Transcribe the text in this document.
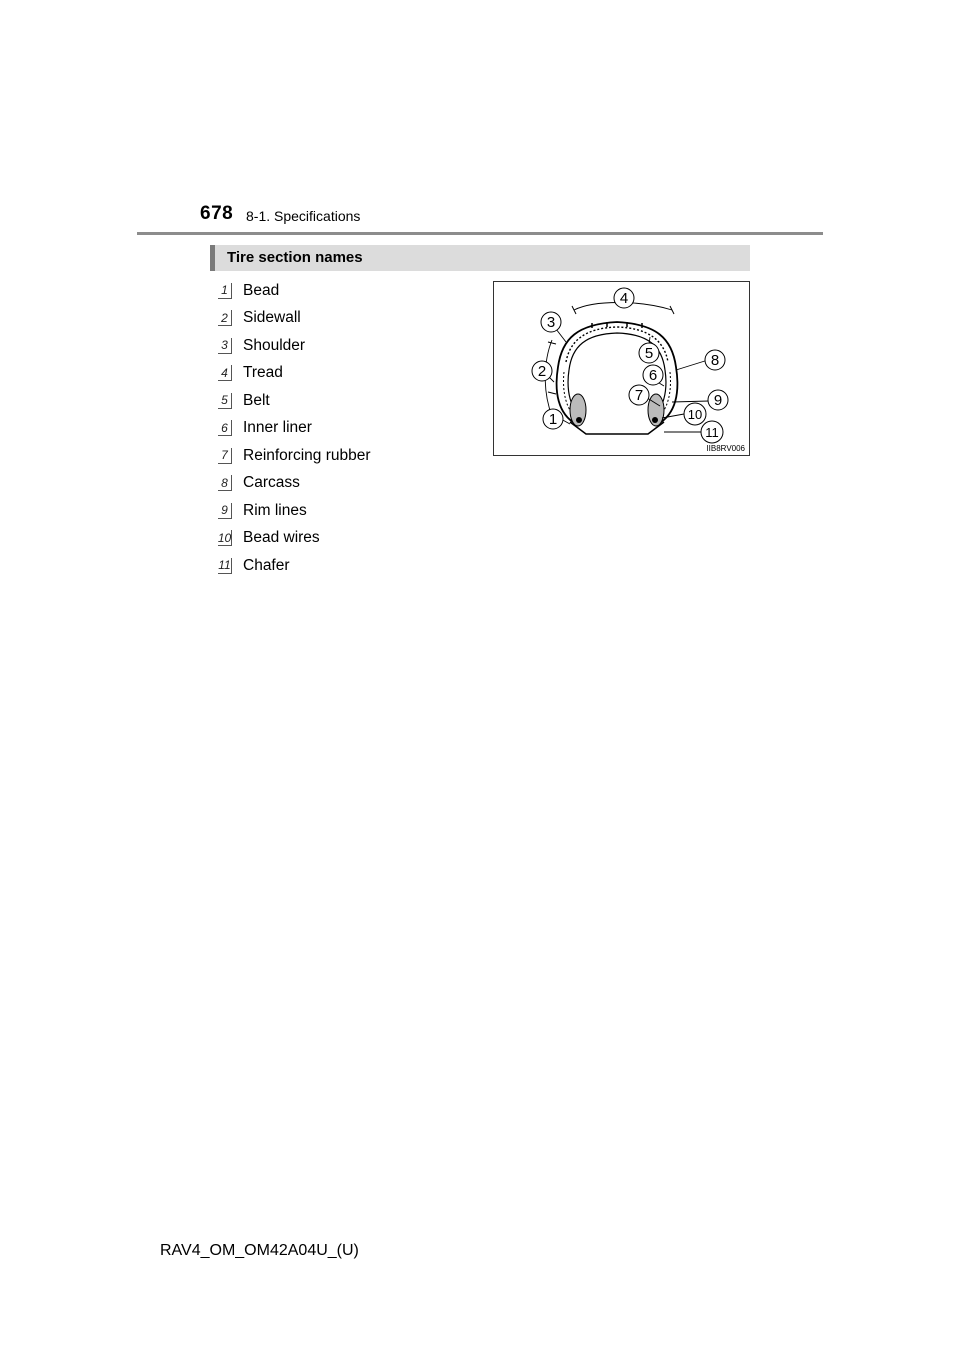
678 8-1. Specifications
Tire section names
1 Bead
2 Sidewall
3 Shoulder
4 Tread
5 Belt
6 Inner liner
7 Reinforcing rubber
8 Carcass
9 Rim lines
10 Bead wires
11 Chafer
4
3
5	8
2	6
7	9
10
1
11
IIB8RV006
RAV4_OM_OM42A04U_(U)
